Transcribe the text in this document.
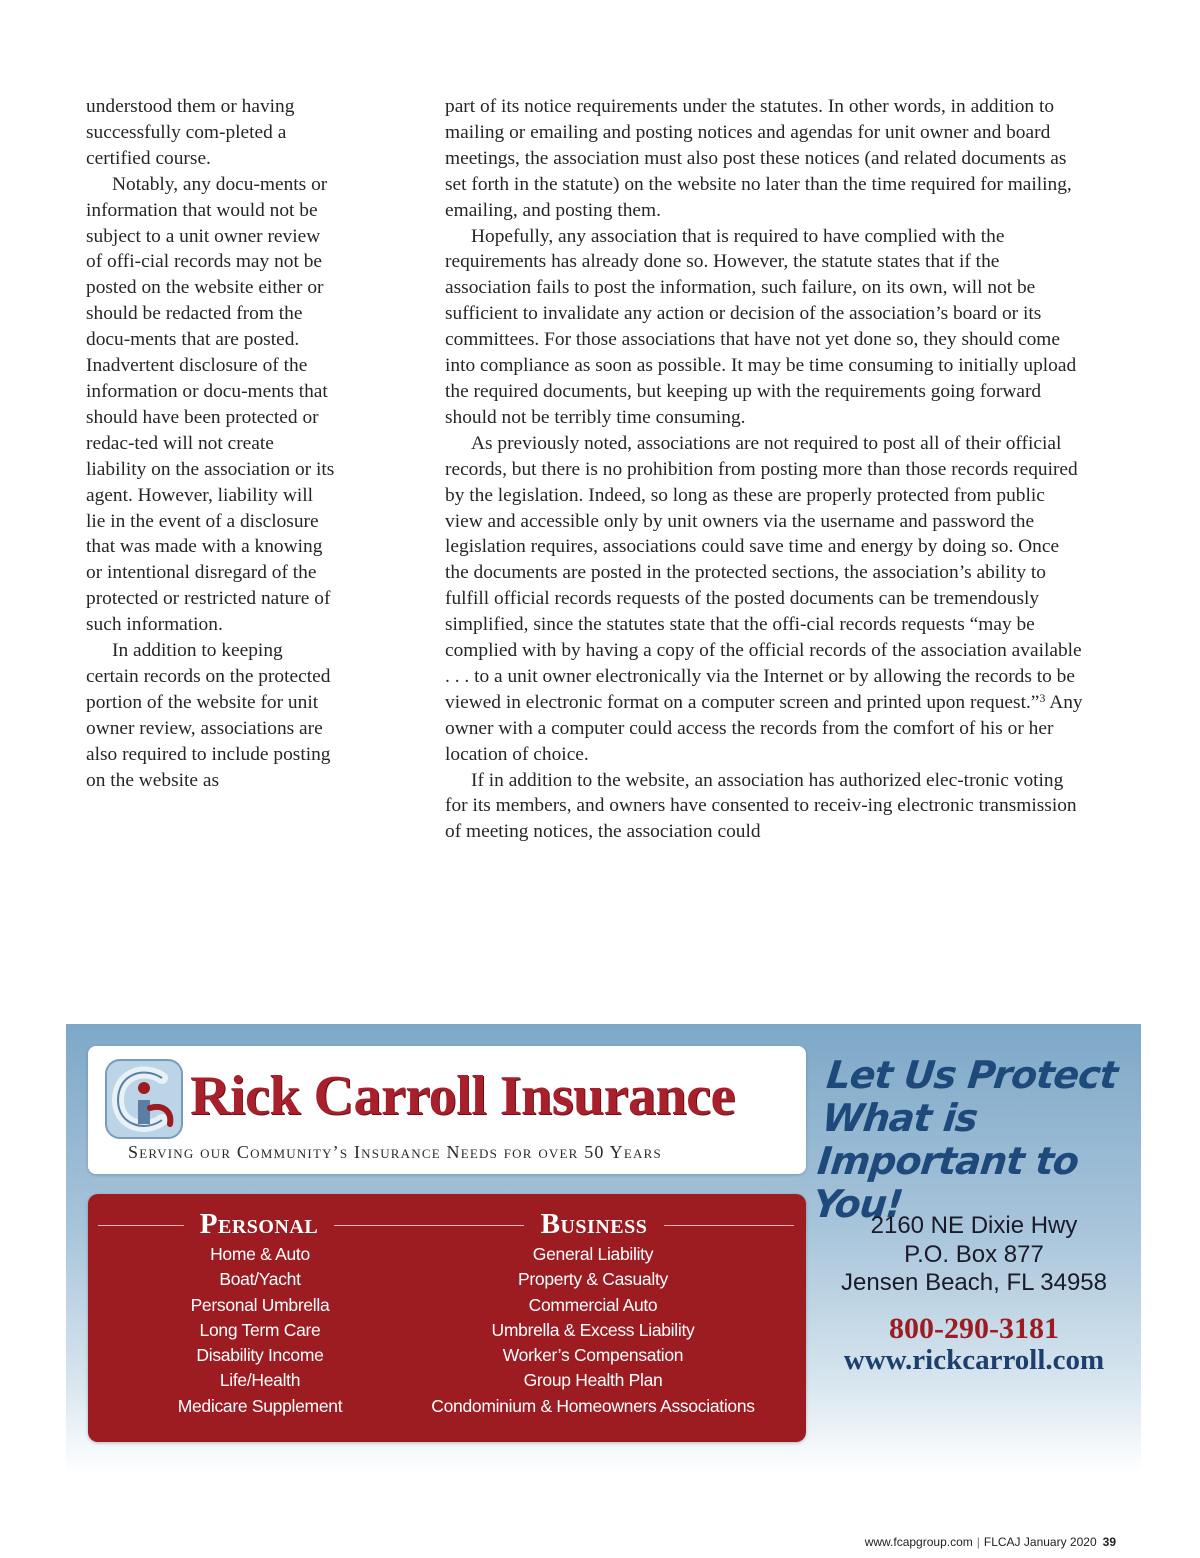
understood them or having successfully com-pleted a certified course.

Notably, any docu-ments or information that would not be subject to a unit owner review of offi-cial records may not be posted on the website either or should be redacted from the docu-ments that are posted. Inadvertent disclosure of the information or docu-ments that should have been protected or redac-ted will not create liability on the association or its agent. However, liability will lie in the event of a disclosure that was made with a knowing or intentional disregard of the protected or restricted nature of such information.

In addition to keeping certain records on the protected portion of the website for unit owner review, associations are also required to include posting on the website as

part of its notice requirements under the statutes. In other words, in addition to mailing or emailing and posting notices and agendas for unit owner and board meetings, the association must also post these notices (and related documents as set forth in the statute) on the website no later than the time required for mailing, emailing, and posting them.

Hopefully, any association that is required to have complied with the requirements has already done so. However, the statute states that if the association fails to post the information, such failure, on its own, will not be sufficient to invalidate any action or decision of the association’s board or its committees. For those associations that have not yet done so, they should come into compliance as soon as possible. It may be time consuming to initially upload the required documents, but keeping up with the requirements going forward should not be terribly time consuming.

As previously noted, associations are not required to post all of their official records, but there is no prohibition from posting more than those records required by the legislation. Indeed, so long as these are properly protected from public view and accessible only by unit owners via the username and password the legislation requires, associations could save time and energy by doing so. Once the documents are posted in the protected sections, the association’s ability to fulfill official records requests of the posted documents can be tremendously simplified, since the statutes state that the offi-cial records requests “may be complied with by having a copy of the official records of the association available . . . to a unit owner electronically via the Internet or by allowing the records to be viewed in electronic format on a computer screen and printed upon request.”$^3$ Any owner with a computer could access the records from the comfort of his or her location of choice.

If in addition to the website, an association has authorized elec-tronic voting for its members, and owners have consented to receiv-ing electronic transmission of meeting notices, the association could

Rick Carroll Insurance
Serving our Community’s Insurance Needs for over 50 Years
Let Us Protect What is Important to You!
Personal	Business
Home & Auto
Boat/Yacht
Personal Umbrella
Long Term Care
Disability Income
Life/Health
Medicare Supplement
General Liability
Property & Casualty
Commercial Auto
Umbrella & Excess Liability
Worker’s Compensation
Group Health Plan
Condominium & Homeowners Associations
2160 NE Dixie Hwy
P.O. Box 877
Jensen Beach, FL 34958
800-290-3181
www.rickcarroll.com
www.fcapgroup.com | FLCAJ January 2020 39
